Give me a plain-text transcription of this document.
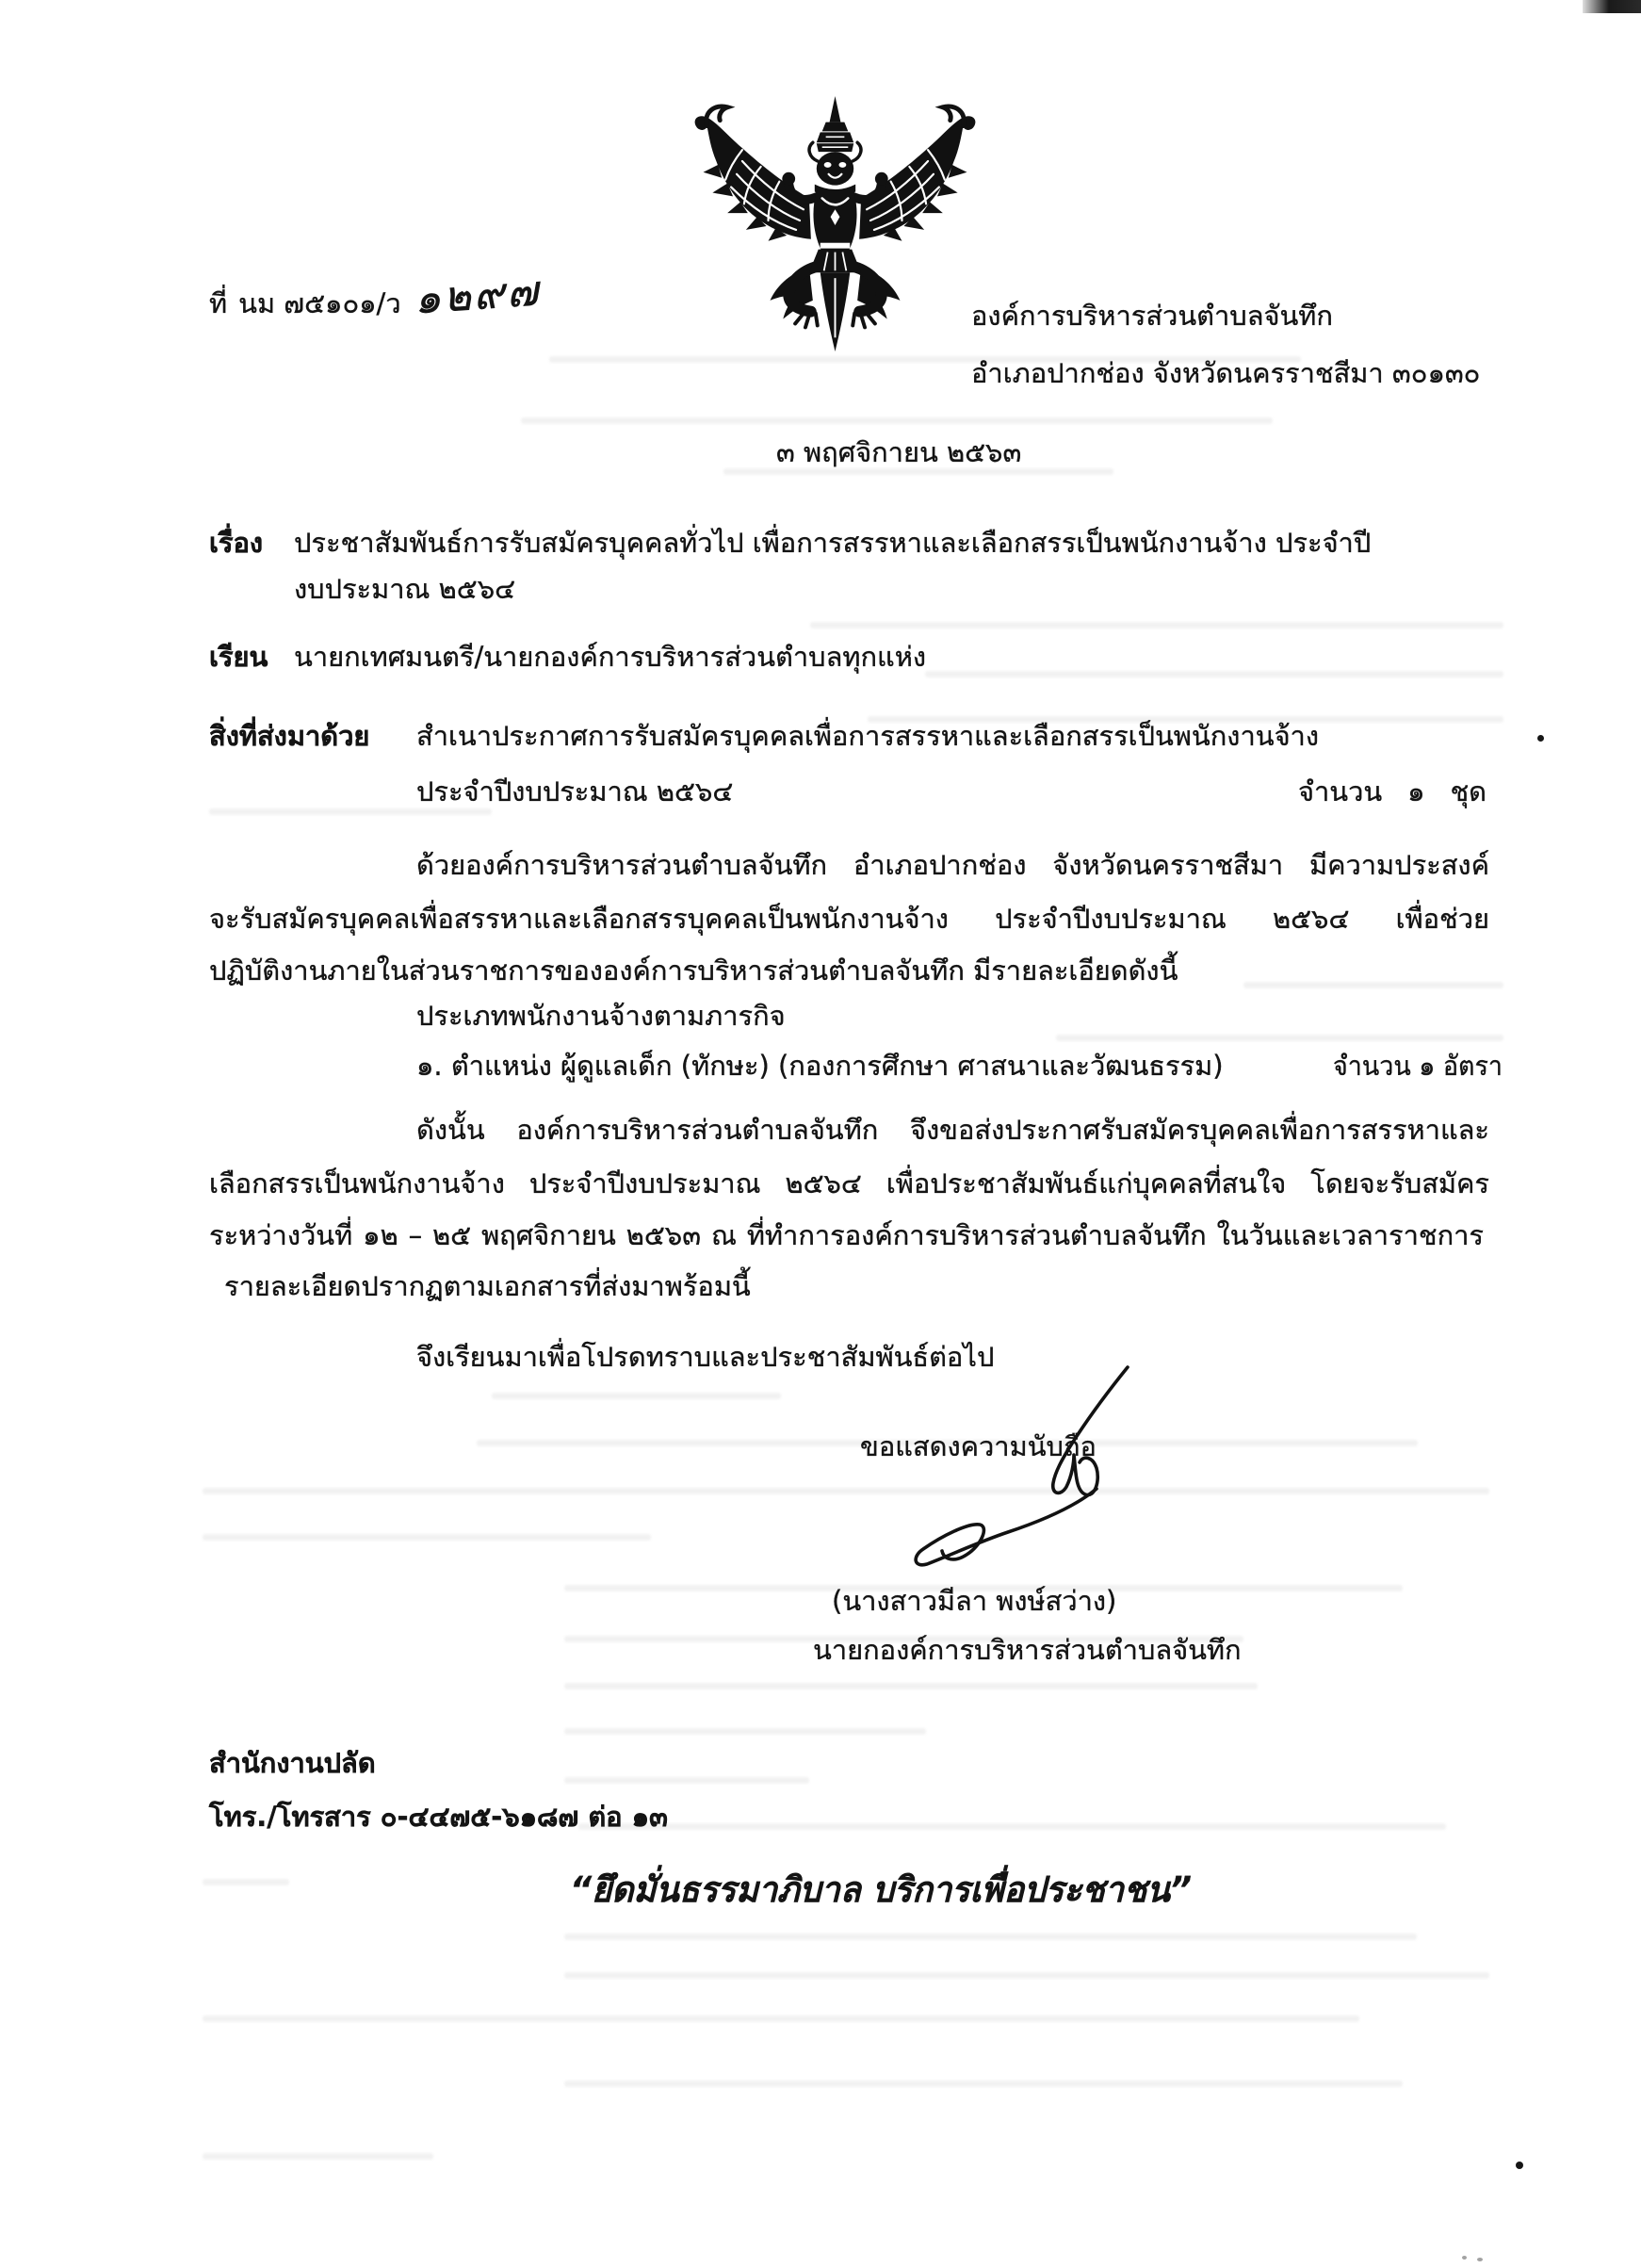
ที่ นม ๗๕๑๐๑/ว ๑๒๙๗	องค์การบริหารส่วนตำบลจันทึก
อำเภอปากช่อง จังหวัดนครราชสีมา ๓๐๑๓๐
๓ พฤศจิกายน ๒๕๖๓
เรื่อง ประชาสัมพันธ์การรับสมัครบุคคลทั่วไป เพื่อการสรรหาและเลือกสรรเป็นพนักงานจ้าง ประจำปี
งบประมาณ ๒๕๖๔
เรียน นายกเทศมนตรี/นายกองค์การบริหารส่วนตำบลทุกแห่ง
สิ่งที่ส่งมาด้วย สำเนาประกาศการรับสมัครบุคคลเพื่อการสรรหาและเลือกสรรเป็นพนักงานจ้าง
ประจำปีงบประมาณ ๒๕๖๔	จำนวน ๑ ชุด
ด้วยองค์การบริหารส่วนตำบลจันทึก อำเภอปากช่อง จังหวัดนครราชสีมา มีความประสงค์
จะรับสมัครบุคคลเพื่อสรรหาและเลือกสรรบุคคลเป็นพนักงานจ้าง ประจำปีงบประมาณ ๒๕๖๔ เพื่อช่วย
ปฏิบัติงานภายในส่วนราชการขององค์การบริหารส่วนตำบลจันทึก มีรายละเอียดดังนี้
ประเภทพนักงานจ้างตามภารกิจ
๑. ตำแหน่ง ผู้ดูแลเด็ก (ทักษะ) (กองการศึกษา ศาสนาและวัฒนธรรม)	จำนวน ๑ อัตรา
ดังนั้น องค์การบริหารส่วนตำบลจันทึก จึงขอส่งประกาศรับสมัครบุคคลเพื่อการสรรหาและ
เลือกสรรเป็นพนักงานจ้าง ประจำปีงบประมาณ ๒๕๖๔ เพื่อประชาสัมพันธ์แก่บุคคลที่สนใจ โดยจะรับสมัคร
ระหว่างวันที่ ๑๒ – ๒๕ พฤศจิกายน ๒๕๖๓ ณ ที่ทำการองค์การบริหารส่วนตำบลจันทึก ในวันและเวลาราชการ
รายละเอียดปรากฏตามเอกสารที่ส่งมาพร้อมนี้
จึงเรียนมาเพื่อโปรดทราบและประชาสัมพันธ์ต่อไป
ขอแสดงความนับถือ
(นางสาวมีลา พงษ์สว่าง)
นายกองค์การบริหารส่วนตำบลจันทึก
สำนักงานปลัด
โทร./โทรสาร ๐-๔๔๗๕-๖๑๘๗ ต่อ ๑๓
“ยึดมั่นธรรมาภิบาล บริการเพื่อประชาชน”
